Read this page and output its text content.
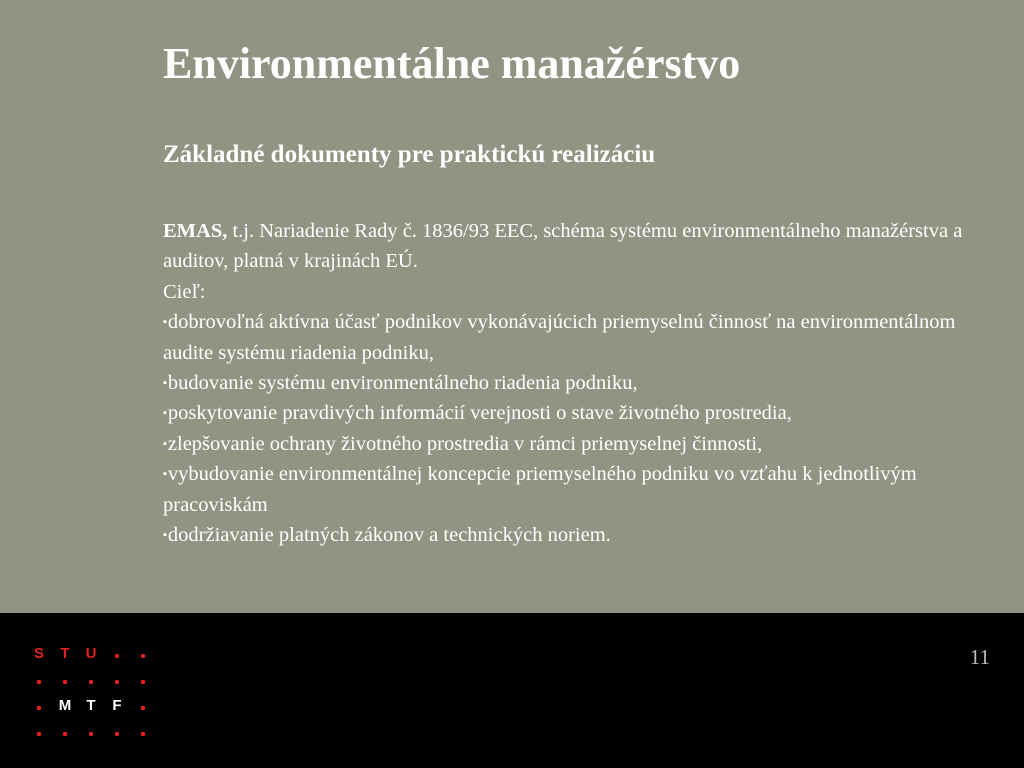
Environmentálne manažérstvo
Základné dokumenty pre praktickú realizáciu

EMAS, t.j. Nariadenie Rady č. 1836/93 EEC, schéma systému environmentálneho manažérstva a auditov, platná v krajinách EÚ.

Cieľ:

▪dobrovoľná aktívna účasť podnikov vykonávajúcich priemyselnú činnosť na environmentálnom audite systému riadenia podniku,

▪budovanie systému environmentálneho riadenia podniku,

▪poskytovanie pravdivých informácií verejnosti o stave životného prostredia,

▪zlepšovanie ochrany životného prostredia v rámci priemyselnej činnosti,

▪vybudovanie environmentálnej koncepcie priemyselného podniku vo vzťahu k jednotlivým pracoviskám

▪dodržiavanie platných zákonov a technických noriem.

S	T	U
M	T	F
11
